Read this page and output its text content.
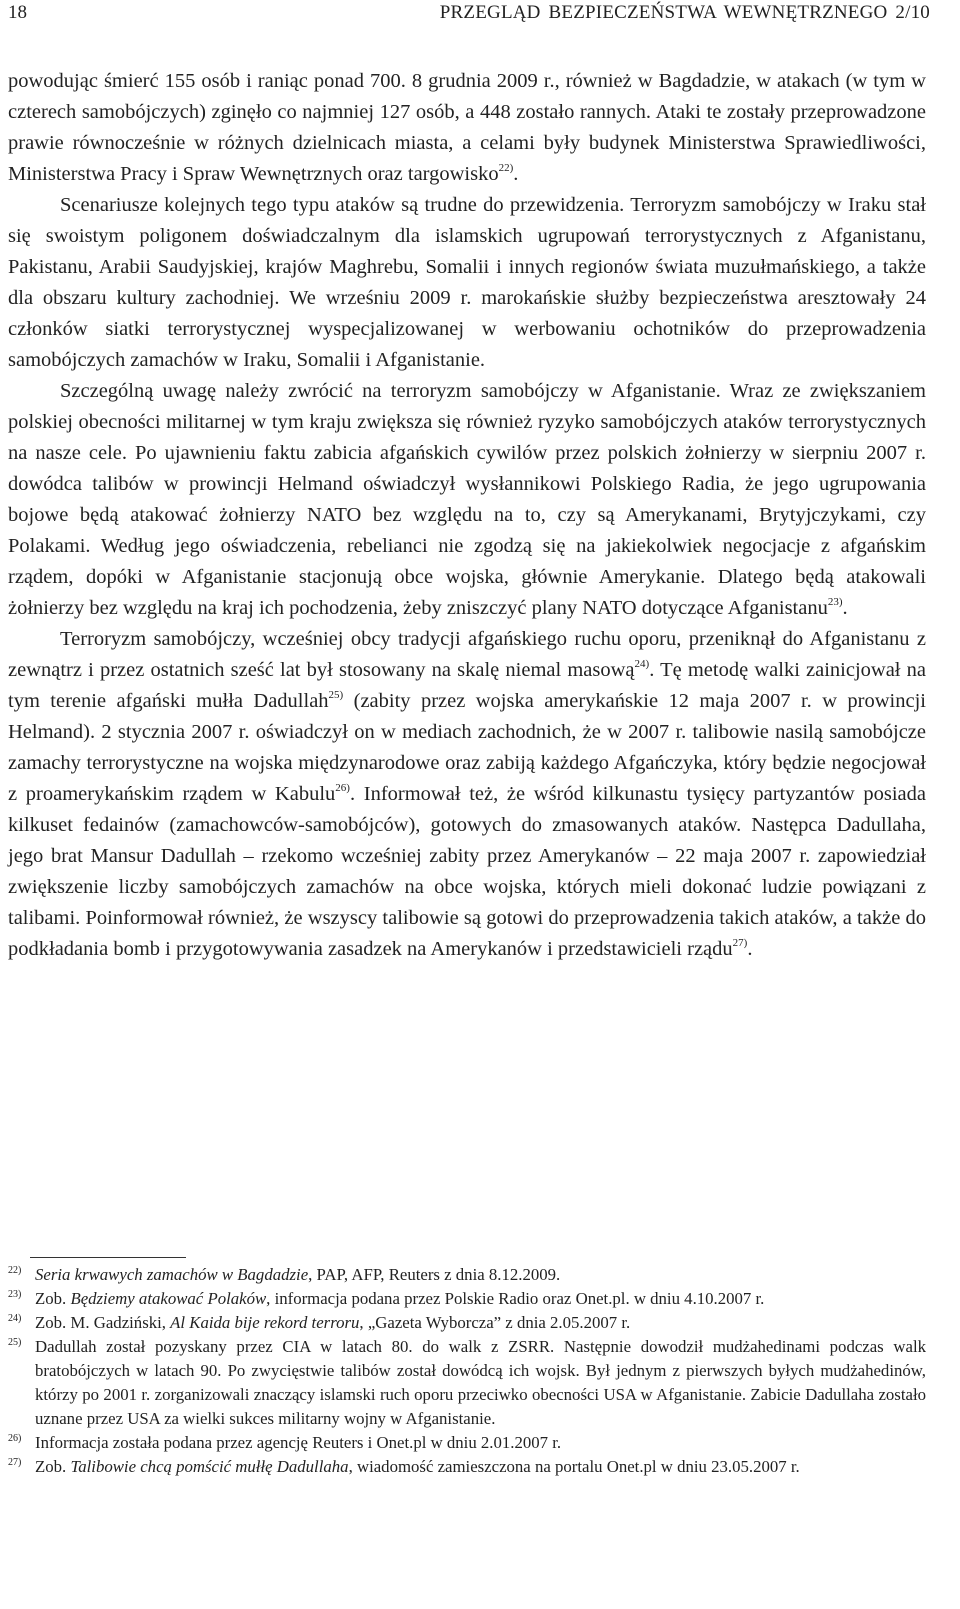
18	PRZEGLĄD BEZPIECZEŃSTWA WEWNĘTRZNEGO 2/10

powodując śmierć 155 osób i raniąc ponad 700. 8 grudnia 2009 r., również w Bagdadzie, w atakach (w tym w czterech samobójczych) zginęło co najmniej 127 osób, a 448 zostało rannych. Ataki te zostały przeprowadzone prawie równocześnie w różnych dzielnicach miasta, a celami były budynek Ministerstwa Sprawiedliwości, Ministerstwa Pracy i Spraw Wewnętrznych oraz targowisko$^{22)}$.

Scenariusze kolejnych tego typu ataków są trudne do przewidzenia. Terroryzm samobójczy w Iraku stał się swoistym poligonem doświadczalnym dla islamskich ugrupowań terrorystycznych z Afganistanu, Pakistanu, Arabii Saudyjskiej, krajów Maghrebu, Somalii i innych regionów świata muzułmańskiego, a także dla obszaru kultury zachodniej. We wrześniu 2009 r. marokańskie służby bezpieczeństwa aresztowały 24 członków siatki terrorystycznej wyspecjalizowanej w werbowaniu ochotników do przeprowadzenia samobójczych zamachów w Iraku, Somalii i Afganistanie.

Szczególną uwagę należy zwrócić na terroryzm samobójczy w Afganistanie. Wraz ze zwiększaniem polskiej obecności militarnej w tym kraju zwiększa się również ryzyko samobójczych ataków terrorystycznych na nasze cele. Po ujawnieniu faktu zabicia afgańskich cywilów przez polskich żołnierzy w sierpniu 2007 r. dowódca talibów w prowincji Helmand oświadczył wysłannikowi Polskiego Radia, że jego ugrupowania bojowe będą atakować żołnierzy NATO bez względu na to, czy są Amerykanami, Brytyjczykami, czy Polakami. Według jego oświadczenia, rebelianci nie zgodzą się na jakiekolwiek negocjacje z afgańskim rządem, dopóki w Afganistanie stacjonują obce wojska, głównie Amerykanie. Dlatego będą atakowali żołnierzy bez względu na kraj ich pochodzenia, żeby zniszczyć plany NATO dotyczące Afganistanu$^{23)}$.

Terroryzm samobójczy, wcześniej obcy tradycji afgańskiego ruchu oporu, przeniknął do Afganistanu z zewnątrz i przez ostatnich sześć lat był stosowany na skalę niemal masową$^{24)}$. Tę metodę walki zainicjował na tym terenie afgański mułła Dadullah$^{25)}$ (zabity przez wojska amerykańskie 12 maja 2007 r. w prowincji Helmand). 2 stycznia 2007 r. oświadczył on w mediach zachodnich, że w 2007 r. talibowie nasilą samobójcze zamachy terrorystyczne na wojska międzynarodowe oraz zabiją każdego Afgańczyka, który będzie negocjował z proamerykańskim rządem w Kabulu$^{26)}$. Informował też, że wśród kilkunastu tysięcy partyzantów posiada kilkuset fedainów (zamachowców-samobójców), gotowych do zmasowanych ataków. Następca Dadullaha, jego brat Mansur Dadullah – rzekomo wcześniej zabity przez Amerykanów – 22 maja 2007 r. zapowiedział zwiększenie liczby samobójczych zamachów na obce wojska, których mieli dokonać ludzie powiązani z talibami. Poinformował również, że wszyscy talibowie są gotowi do przeprowadzenia takich ataków, a także do podkładania bomb i przygotowywania zasadzek na Amerykanów i przedstawicieli rządu$^{27)}$.

22) Seria krwawych zamachów w Bagdadzie, PAP, AFP, Reuters z dnia 8.12.2009.
23) Zob. Będziemy atakować Polaków, informacja podana przez Polskie Radio oraz Onet.pl. w dniu 4.10.2007 r.
24) Zob. M. Gadziński, Al Kaida bije rekord terroru, „Gazeta Wyborcza” z dnia 2.05.2007 r.
25) Dadullah został pozyskany przez CIA w latach 80. do walk z ZSRR. Następnie dowodził mudżahedinami podczas walk bratobójczych w latach 90. Po zwycięstwie talibów został dowódcą ich wojsk. Był jednym z pierwszych byłych mudżahedinów, którzy po 2001 r. zorganizowali znaczący islamski ruch oporu przeciwko obecności USA w Afganistanie. Zabicie Dadullaha zostało uznane przez USA za wielki sukces militarny wojny w Afganistanie.
26) Informacja została podana przez agencję Reuters i Onet.pl w dniu 2.01.2007 r.
27) Zob. Talibowie chcą pomścić mułłę Dadullaha, wiadomość zamieszczona na portalu Onet.pl w dniu 23.05.2007 r.
